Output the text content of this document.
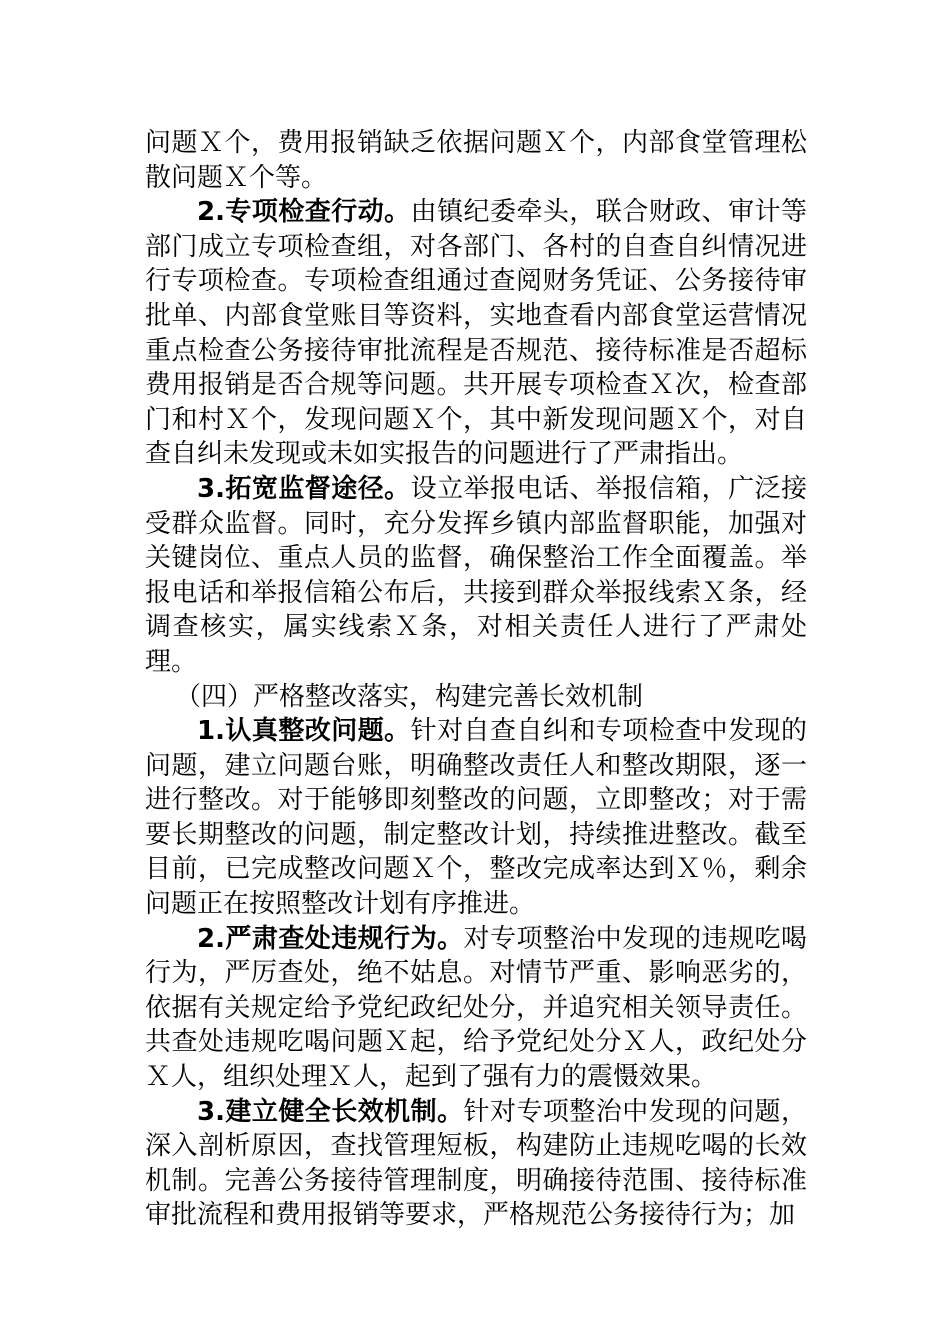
问题Ｘ个，费用报销缺乏依据问题Ｘ个，内部食堂管理松散问题Ｘ个等。

2.专项检查行动。由镇纪委牵头，联合财政、审计等部门成立专项检查组，对各部门、各村的自查自纠情况进行专项检查。专项检查组通过查阅财务凭证、公务接待审批单、内部食堂账目等资料，实地查看内部食堂运营情况重点检查公务接待审批流程是否规范、接待标准是否超标费用报销是否合规等问题。共开展专项检查Ｘ次，检查部门和村Ｘ个，发现问题Ｘ个，其中新发现问题Ｘ个，对自查自纠未发现或未如实报告的问题进行了严肃指出。

3.拓宽监督途径。设立举报电话、举报信箱，广泛接受群众监督。同时，充分发挥乡镇内部监督职能，加强对关键岗位、重点人员的监督，确保整治工作全面覆盖。举报电话和举报信箱公布后，共接到群众举报线索Ｘ条，经调查核实，属实线索Ｘ条，对相关责任人进行了严肃处理。

（四）严格整改落实，构建完善长效机制

1.认真整改问题。针对自查自纠和专项检查中发现的问题，建立问题台账，明确整改责任人和整改期限，逐一进行整改。对于能够即刻整改的问题，立即整改；对于需要长期整改的问题，制定整改计划，持续推进整改。截至目前，已完成整改问题Ｘ个，整改完成率达到Ｘ％，剩余问题正在按照整改计划有序推进。

2.严肃查处违规行为。对专项整治中发现的违规吃喝行为，严厉查处，绝不姑息。对情节严重、影响恶劣的，依据有关规定给予党纪政纪处分，并追究相关领导责任。共查处违规吃喝问题Ｘ起，给予党纪处分Ｘ人，政纪处分Ｘ人，组织处理Ｘ人，起到了强有力的震慑效果。

3.建立健全长效机制。针对专项整治中发现的问题，深入剖析原因，查找管理短板，构建防止违规吃喝的长效机制。完善公务接待管理制度，明确接待范围、接待标准审批流程和费用报销等要求，严格规范公务接待行为；加
